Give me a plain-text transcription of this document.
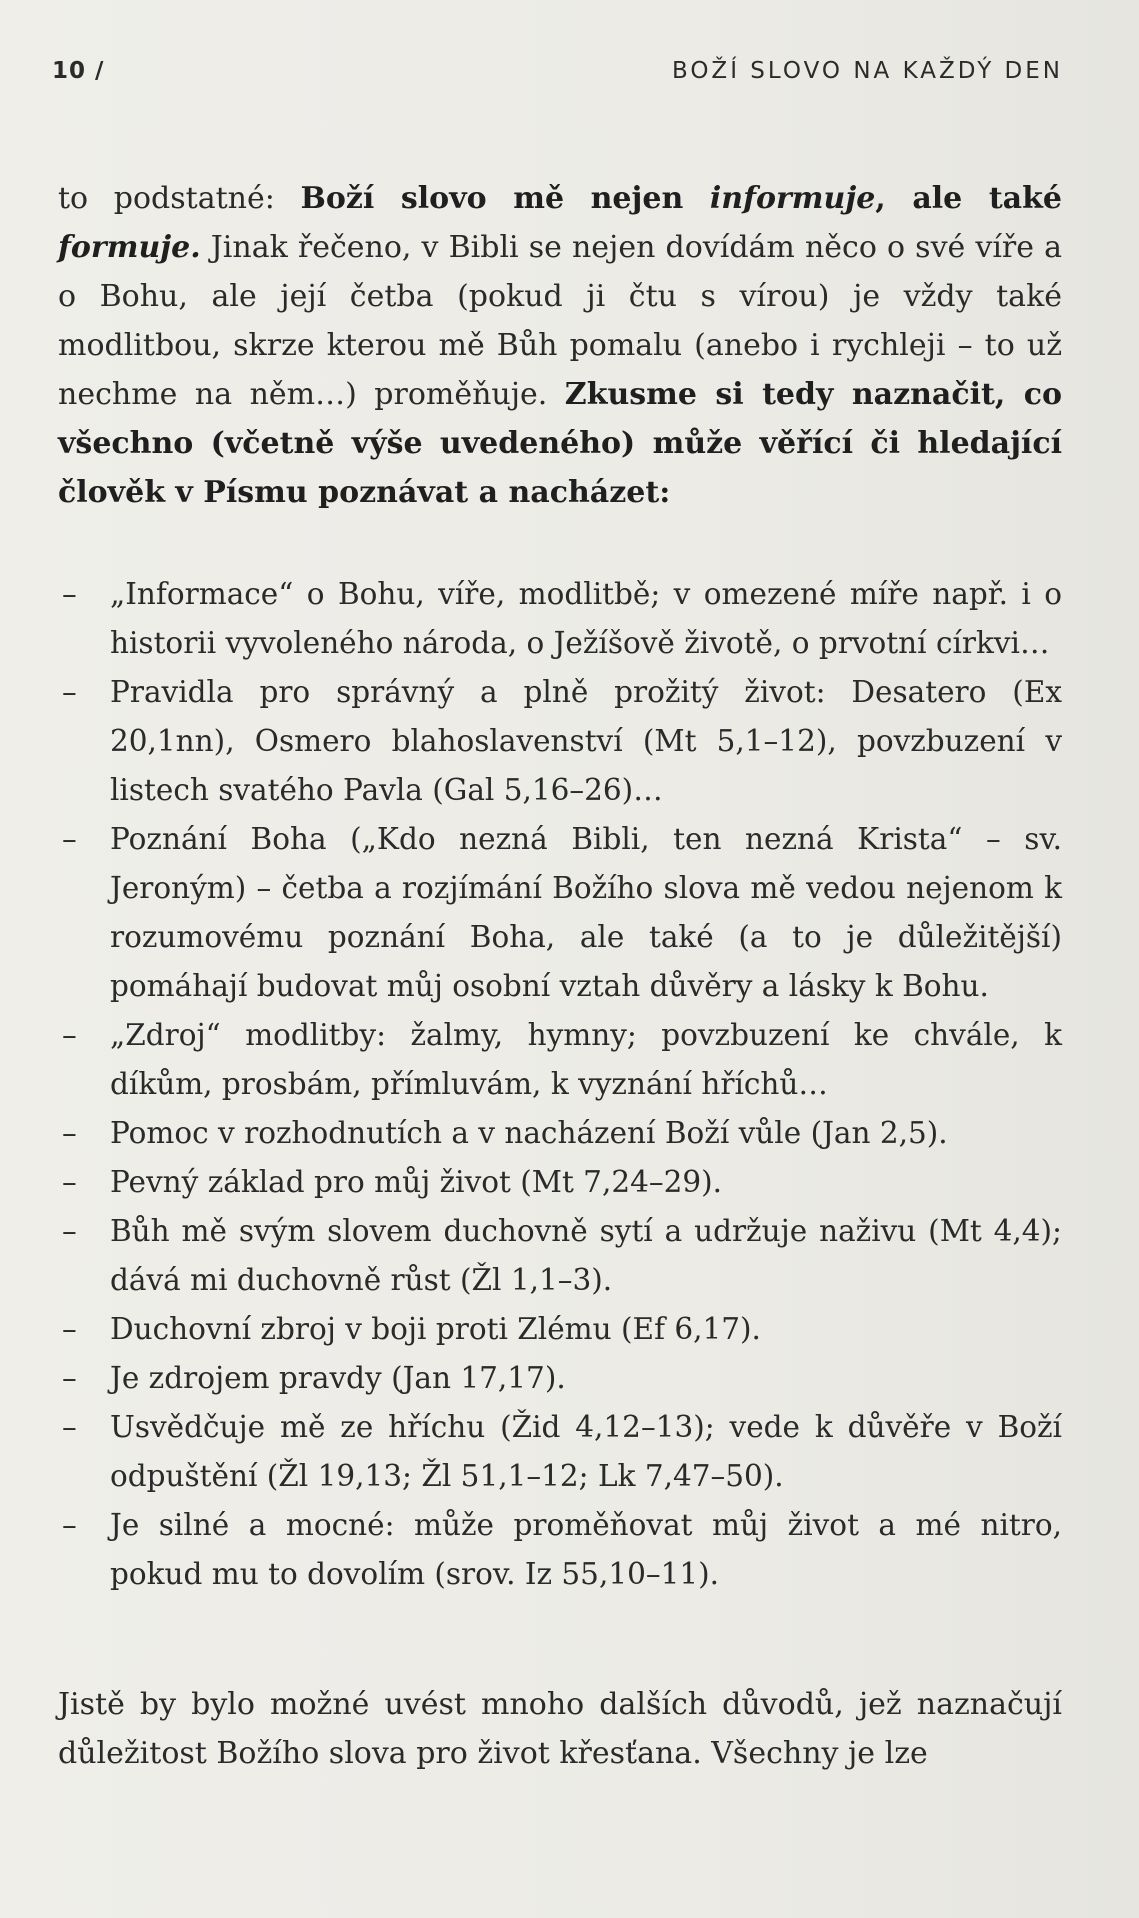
10 /	BOŽÍ SLOVO NA KAŽDÝ DEN

to podstatné: Boží slovo mě nejen informuje, ale také formuje. Jinak řečeno, v Bibli se nejen dovídám něco o své víře a o Bohu, ale její četba (pokud ji čtu s vírou) je vždy také modlitbou, skrze kterou mě Bůh pomalu (anebo i rychleji – to už nechme na něm…) proměňuje. Zkusme si tedy naznačit, co všechno (včetně výše uvedeného) může věřící či hledající člověk v Písmu poznávat a nacházet:

– „Informace“ o Bohu, víře, modlitbě; v omezené míře např. i o historii vyvoleného národa, o Ježíšově životě, o prvotní církvi…
– Pravidla pro správný a plně prožitý život: Desatero (Ex 20,1nn), Osmero blahoslavenství (Mt 5,1–12), povzbuzení v listech svatého Pavla (Gal 5,16–26)…
– Poznání Boha („Kdo nezná Bibli, ten nezná Krista“ – sv. Jeroným) – četba a rozjímání Božího slova mě vedou nejenom k rozumovému poznání Boha, ale také (a to je důležitější) pomáhají budovat můj osobní vztah důvěry a lásky k Bohu.
– „Zdroj“ modlitby: žalmy, hymny; povzbuzení ke chvále, k díkům, prosbám, přímluvám, k vyznání hříchů…
– Pomoc v rozhodnutích a v nacházení Boží vůle (Jan 2,5).
– Pevný základ pro můj život (Mt 7,24–29).
– Bůh mě svým slovem duchovně sytí a udržuje naživu (Mt 4,4); dává mi duchovně růst (Žl 1,1–3).
– Duchovní zbroj v boji proti Zlému (Ef 6,17).
– Je zdrojem pravdy (Jan 17,17).
– Usvědčuje mě ze hříchu (Žid 4,12–13); vede k důvěře v Boží odpuštění (Žl 19,13; Žl 51,1–12; Lk 7,47–50).
– Je silné a mocné: může proměňovat můj život a mé nitro, pokud mu to dovolím (srov. Iz 55,10–11).

Jistě by bylo možné uvést mnoho dalších důvodů, jež naznačují důležitost Božího slova pro život křesťana. Všechny je lze
